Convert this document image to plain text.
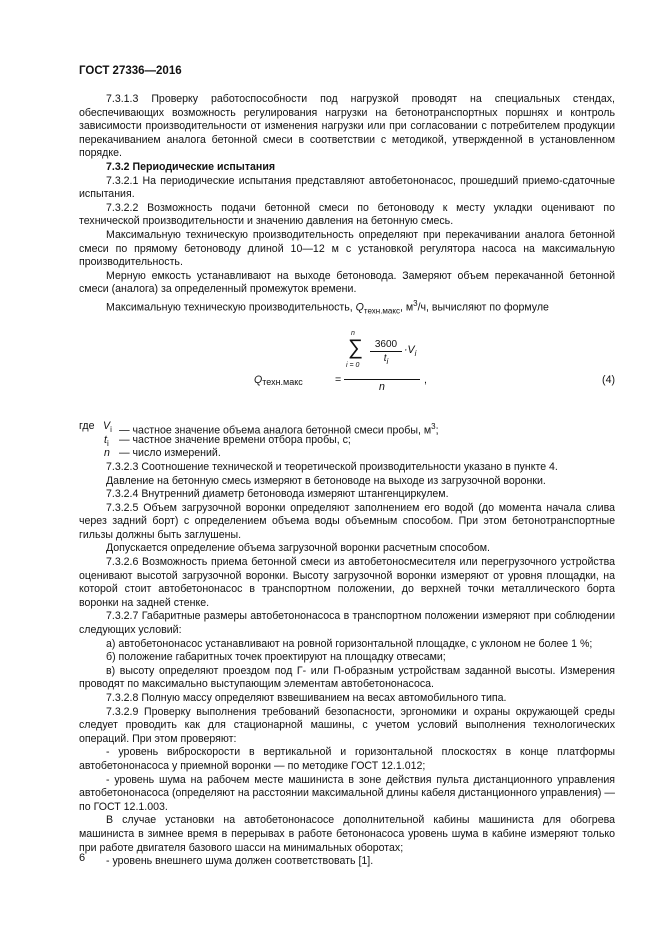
ГОСТ 27336—2016

7.3.1.3 Проверку работоспособности под нагрузкой проводят на специальных стендах, обеспечивающих возможность регулирования нагрузки на бетонотранспортных поршнях и контроль зависимости производительности от изменения нагрузки или при согласовании с потребителем продукции перекачиванием аналога бетонной смеси в соответствии с методикой, утвержденной в установленном порядке.

7.3.2 Периодические испытания

7.3.2.1 На периодические испытания представляют автобетононасос, прошедший приемо-сдаточные испытания.

7.3.2.2 Возможность подачи бетонной смеси по бетоноводу к месту укладки оценивают по технической производительности и значению давления на бетонную смесь.

Максимальную техническую производительность определяют при перекачивании аналога бетонной смеси по прямому бетоноводу длиной 10—12 м с установкой регулятора насоса на максимальную производительность.

Мерную емкость устанавливают на выходе бетоновода. Замеряют объем перекачанной бетонной смеси (аналога) за определенный промежуток времени.

Максимальную техническую производительность, $Q_{техн.макс}$, $м^3/ч$, вычисляют по формуле

$Q_{техн.макс}$	=
n
∑
$i = 0 \frac{3600}{t_i} \cdot V_i$
n
,	(4)
где $V_i$ — частное значение объема аналога бетонной смеси пробы, $м^3$;
$t_i$ — частное значение времени отбора пробы, с;
n — число измерений.

7.3.2.3 Соотношение технической и теоретической производительности указано в пункте 4.

Давление на бетонную смесь измеряют в бетоноводе на выходе из загрузочной воронки.

7.3.2.4 Внутренний диаметр бетоновода измеряют штангенциркулем.

7.3.2.5 Объем загрузочной воронки определяют заполнением его водой (до момента начала слива через задний борт) с определением объема воды объемным способом. При этом бетонотранспортные гильзы должны быть заглушены.

Допускается определение объема загрузочной воронки расчетным способом.

7.3.2.6 Возможность приема бетонной смеси из автобетоносмесителя или перегрузочного устройства оценивают высотой загрузочной воронки. Высоту загрузочной воронки измеряют от уровня площадки, на которой стоит автобетононасос в транспортном положении, до верхней точки металлического борта воронки на задней стенке.

7.3.2.7 Габаритные размеры автобетононасоса в транспортном положении измеряют при соблюдении следующих условий:

а) автобетононасос устанавливают на ровной горизонтальной площадке, с уклоном не более 1 %;

б) положение габаритных точек проектируют на площадку отвесами;

в) высоту определяют проездом под Г- или П-образным устройствам заданной высоты. Измерения проводят по максимально выступающим элементам автобетононасоса.

7.3.2.8 Полную массу определяют взвешиванием на весах автомобильного типа.

7.3.2.9 Проверку выполнения требований безопасности, эргономики и охраны окружающей среды следует проводить как для стационарной машины, с учетом условий выполнения технологических операций. При этом проверяют:

- уровень виброскорости в вертикальной и горизонтальной плоскостях в конце платформы автобетононасоса у приемной воронки — по методике ГОСТ 12.1.012;

- уровень шума на рабочем месте машиниста в зоне действия пульта дистанционного управления автобетононасоса (определяют на расстоянии максимальной длины кабеля дистанционного управления) — по ГОСТ 12.1.003.

В случае установки на автобетононасосе дополнительной кабины машиниста для обогрева машиниста в зимнее время в перерывах в работе бетононасоса уровень шума в кабине измеряют только при работе двигателя базового шасси на минимальных оборотах;

- уровень внешнего шума должен соответствовать [1].

6
